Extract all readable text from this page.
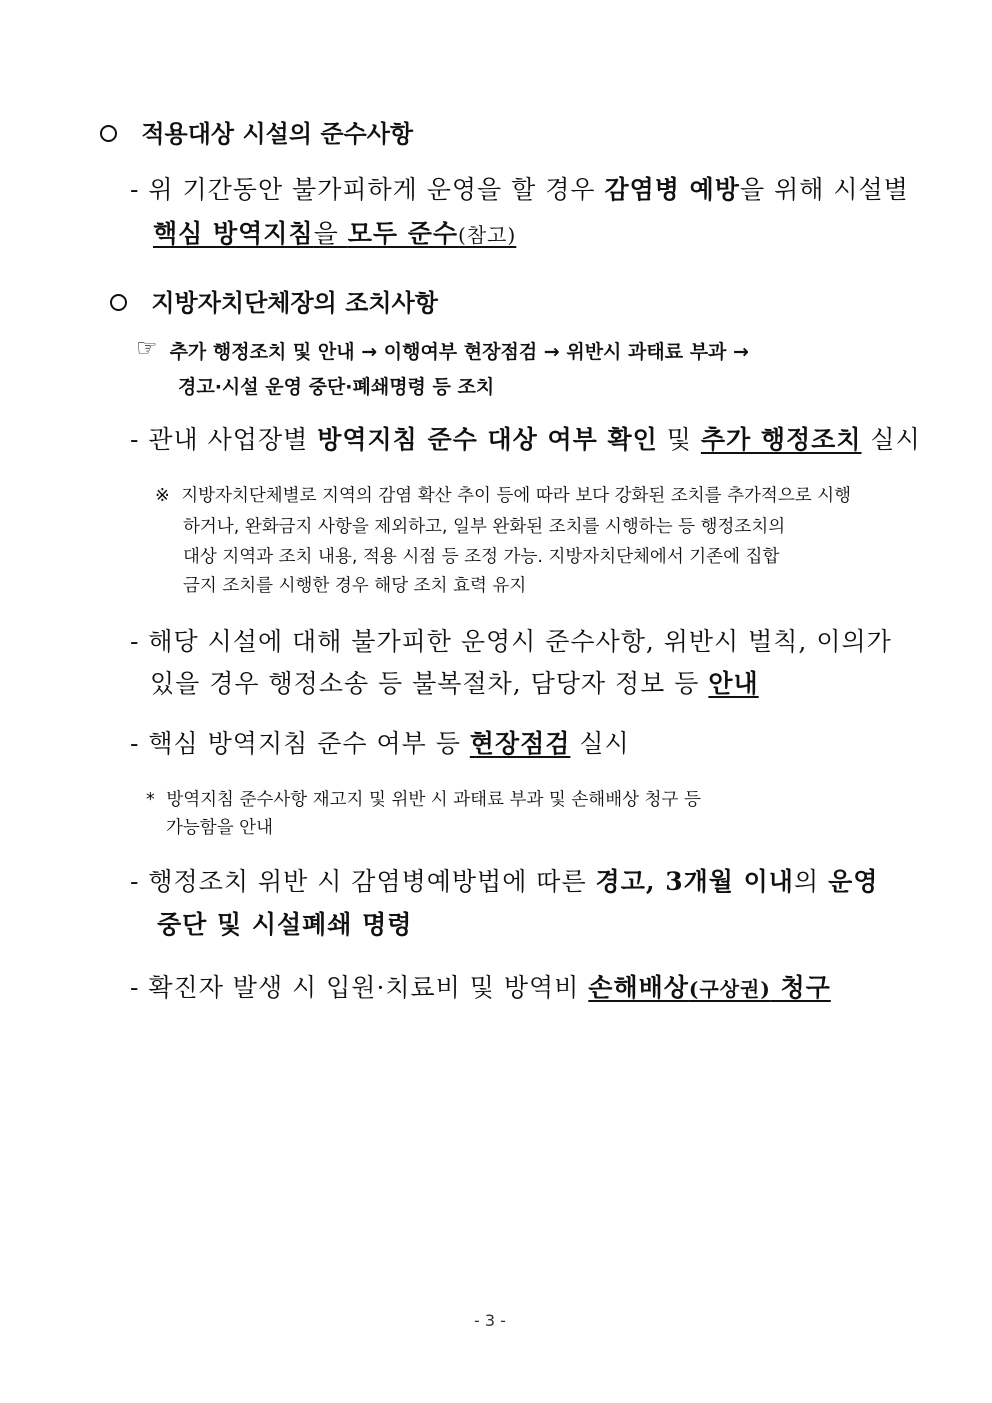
적용대상 시설의 준수사항
- 위 기간동안 불가피하게 운영을 할 경우 감염병 예방을 위해 시설별
핵심 방역지침을 모두 준수(참고)
지방자치단체장의 조치사항
☞ 추가 행정조치 및 안내 → 이행여부 현장점검 → 위반시 과태료 부과 →
경고·시설 운영 중단·폐쇄명령 등 조치
- 관내 사업장별 방역지침 준수 대상 여부 확인 및 추가 행정조치 실시
※ 지방자치단체별로 지역의 감염 확산 추이 등에 따라 보다 강화된 조치를 추가적으로 시행
하거나, 완화금지 사항을 제외하고, 일부 완화된 조치를 시행하는 등 행정조치의
대상 지역과 조치 내용, 적용 시점 등 조정 가능. 지방자치단체에서 기존에 집합
금지 조치를 시행한 경우 해당 조치 효력 유지
- 해당 시설에 대해 불가피한 운영시 준수사항, 위반시 벌칙, 이의가
있을 경우 행정소송 등 불복절차, 담당자 정보 등 안내
- 핵심 방역지침 준수 여부 등 현장점검 실시
* 방역지침 준수사항 재고지 및 위반 시 과태료 부과 및 손해배상 청구 등
가능함을 안내
- 행정조치 위반 시 감염병예방법에 따른 경고, 3개월 이내의 운영
중단 및 시설폐쇄 명령
- 확진자 발생 시 입원·치료비 및 방역비 손해배상(구상권) 청구
- 3 -
